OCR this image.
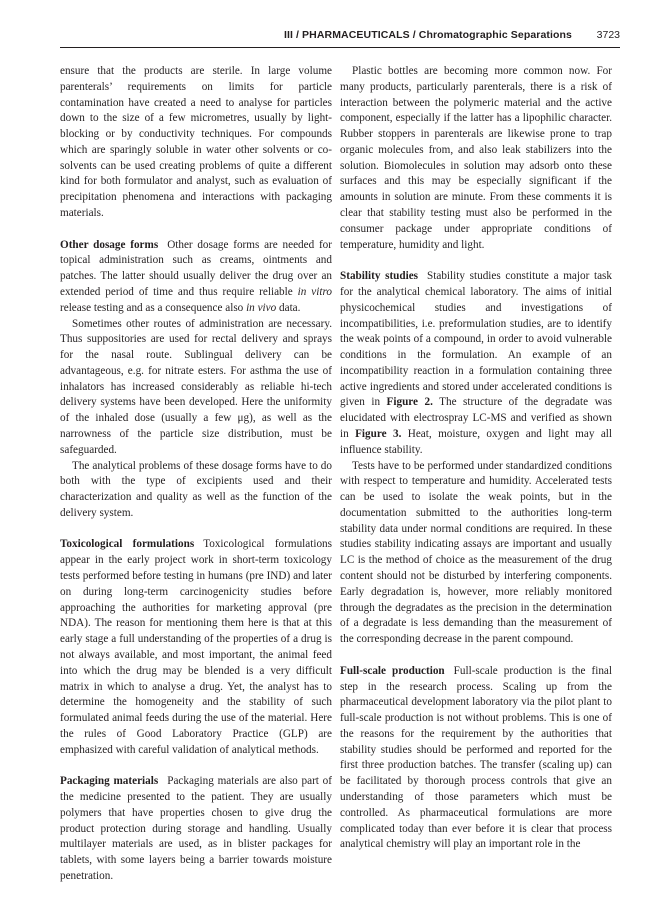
III / PHARMACEUTICALS / Chromatographic Separations 3723

ensure that the products are sterile. In large volume parenterals’ requirements on limits for particle contamination have created a need to analyse for particles down to the size of a few micrometres, usually by light-blocking or by conductivity techniques. For compounds which are sparingly soluble in water other solvents or co-solvents can be used creating problems of quite a different kind for both formulator and analyst, such as evaluation of precipitation phenomena and interactions with packaging materials.

Other dosage forms Other dosage forms are needed for topical administration such as creams, ointments and patches. The latter should usually deliver the drug over an extended period of time and thus require reliable in vitro release testing and as a consequence also in vivo data.

Sometimes other routes of administration are necessary. Thus suppositories are used for rectal delivery and sprays for the nasal route. Sublingual delivery can be advantageous, e.g. for nitrate esters. For asthma the use of inhalators has increased considerably as reliable hi-tech delivery systems have been developed. Here the uniformity of the inhaled dose (usually a few μg), as well as the narrowness of the particle size distribution, must be safeguarded.

The analytical problems of these dosage forms have to do both with the type of excipients used and their characterization and quality as well as the function of the delivery system.

Toxicological formulations Toxicological formulations appear in the early project work in short-term toxicology tests performed before testing in humans (pre IND) and later on during long-term carcinogenicity studies before approaching the authorities for marketing approval (pre NDA). The reason for mentioning them here is that at this early stage a full understanding of the properties of a drug is not always available, and most important, the animal feed into which the drug may be blended is a very difficult matrix in which to analyse a drug. Yet, the analyst has to determine the homogeneity and the stability of such formulated animal feeds during the use of the material. Here the rules of Good Laboratory Practice (GLP) are emphasized with careful validation of analytical methods.

Packaging materials Packaging materials are also part of the medicine presented to the patient. They are usually polymers that have properties chosen to give drug the product protection during storage and handling. Usually multilayer materials are used, as in blister packages for tablets, with some layers being a barrier towards moisture penetration.

Plastic bottles are becoming more common now. For many products, particularly parenterals, there is a risk of interaction between the polymeric material and the active component, especially if the latter has a lipophilic character. Rubber stoppers in parenterals are likewise prone to trap organic molecules from, and also leak stabilizers into the solution. Biomolecules in solution may adsorb onto these surfaces and this may be especially significant if the amounts in solution are minute. From these comments it is clear that stability testing must also be performed in the consumer package under appropriate conditions of temperature, humidity and light.

Stability studies Stability studies constitute a major task for the analytical chemical laboratory. The aims of initial physicochemical studies and investigations of incompatibilities, i.e. preformulation studies, are to identify the weak points of a compound, in order to avoid vulnerable conditions in the formulation. An example of an incompatibility reaction in a formulation containing three active ingredients and stored under accelerated conditions is given in Figure 2. The structure of the degradate was elucidated with electrospray LC-MS and verified as shown in Figure 3. Heat, moisture, oxygen and light may all influence stability.

Tests have to be performed under standardized conditions with respect to temperature and humidity. Accelerated tests can be used to isolate the weak points, but in the documentation submitted to the authorities long-term stability data under normal conditions are required. In these studies stability indicating assays are important and usually LC is the method of choice as the measurement of the drug content should not be disturbed by interfering components. Early degradation is, however, more reliably monitored through the degradates as the precision in the determination of a degradate is less demanding than the measurement of the corresponding decrease in the parent compound.

Full-scale production Full-scale production is the final step in the research process. Scaling up from the pharmaceutical development laboratory via the pilot plant to full-scale production is not without problems. This is one of the reasons for the requirement by the authorities that stability studies should be performed and reported for the first three production batches. The transfer (scaling up) can be facilitated by thorough process controls that give an understanding of those parameters which must be controlled. As pharmaceutical formulations are more complicated today than ever before it is clear that process analytical chemistry will play an important role in the
